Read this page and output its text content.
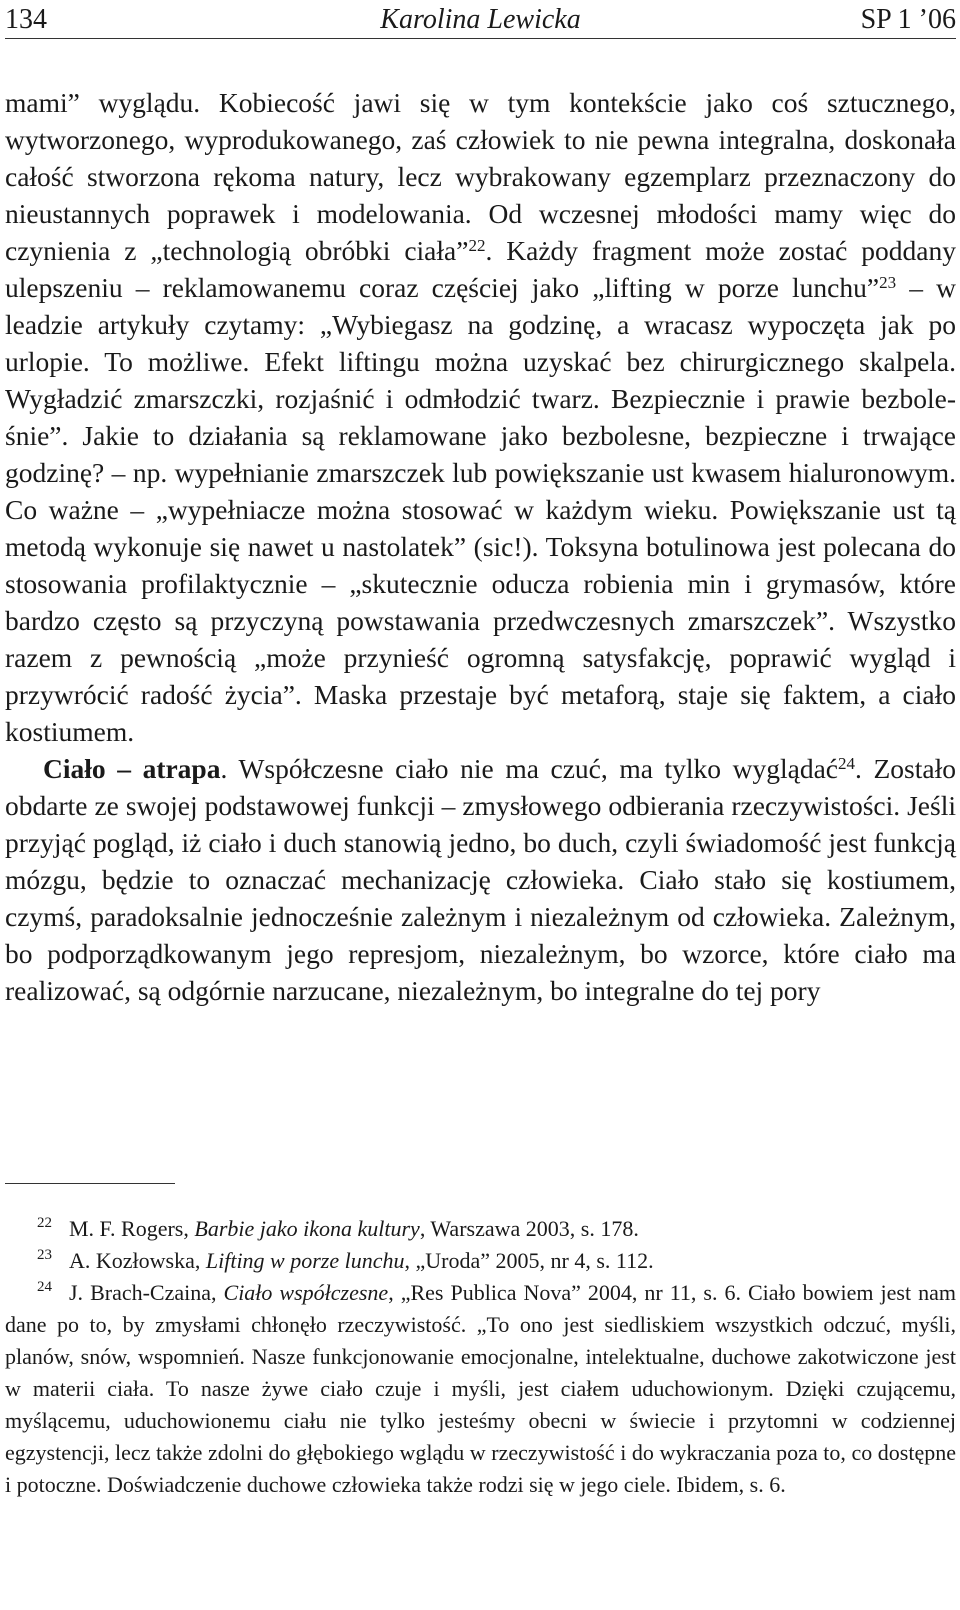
134	Karolina Lewicka	SP 1 ’06

mami” wyglądu. Kobiecość jawi się w tym kontekście jako coś sztucznego, wytworzonego, wyprodukowanego, zaś człowiek to nie pewna integralna, doskonała całość stworzona rękoma natury, lecz wybrakowany egzemplarz przeznaczony do nieustannych poprawek i modelowania. Od wczesnej młodości mamy więc do czynienia z „technologią obróbki ciała”$^{22}$. Każdy fragment może zostać poddany ulepszeniu – reklamowanemu coraz częściej jako „lifting w porze lunchu”$^{23}$ – w leadzie artykuły czytamy: „Wybiegasz na godzinę, a wracasz wypoczęta jak po urlopie. To możliwe. Efekt liftingu można uzyskać bez chirurgicznego skalpela. Wygładzić zmarszczki, rozjaśnić i odmłodzić twarz. Bezpiecznie i prawie bezboleśnie”. Jakie to działania są reklamowane jako bezbolesne, bezpieczne i trwające godzinę? – np. wypełnianie zmarszczek lub powiększanie ust kwasem hialuronowym. Co ważne – „wypełniacze można stosować w każdym wieku. Powiększanie ust tą metodą wykonuje się nawet u nastolatek” (sic!). Toksyna botulinowa jest polecana do stosowania profilaktycznie – „skutecznie oducza robienia min i grymasów, które bardzo często są przyczyną powstawania przedwczesnych zmarszczek”. Wszystko razem z pewnością „może przynieść ogromną satysfakcję, poprawić wygląd i przywrócić radość życia”. Maska przestaje być metaforą, staje się faktem, a ciało kostiumem.

Ciało – atrapa. Współczesne ciało nie ma czuć, ma tylko wyglądać$^{24}$. Zostało obdarte ze swojej podstawowej funkcji – zmysłowego odbierania rzeczywistości. Jeśli przyjąć pogląd, iż ciało i duch stanowią jedno, bo duch, czyli świadomość jest funkcją mózgu, będzie to oznaczać mechanizację człowieka. Ciało stało się kostiumem, czymś, paradoksalnie jednocześnie zależnym i niezależnym od człowieka. Zależnym, bo podporządkowanym jego represjom, niezależnym, bo wzorce, które ciało ma realizować, są odgórnie narzucane, niezależnym, bo integralne do tej pory

22 M. F. Rogers, Barbie jako ikona kultury, Warszawa 2003, s. 178.

23 A. Kozłowska, Lifting w porze lunchu, „Uroda” 2005, nr 4, s. 112.

24 J. Brach-Czaina, Ciało współczesne, „Res Publica Nova” 2004, nr 11, s. 6. Ciało bowiem jest nam dane po to, by zmysłami chłonęło rzeczywistość. „To ono jest siedliskiem wszystkich odczuć, myśli, planów, snów, wspomnień. Nasze funkcjonowanie emocjonalne, intelektualne, duchowe zakotwiczone jest w materii ciała. To nasze żywe ciało czuje i myśli, jest ciałem uduchowionym. Dzięki czującemu, myślącemu, uduchowionemu ciału nie tylko jesteśmy obecni w świecie i przytomni w codziennej egzystencji, lecz także zdolni do głębokiego wglądu w rzeczywistość i do wykraczania poza to, co dostępne i potoczne. Doświadczenie duchowe człowieka także rodzi się w jego ciele. Ibidem, s. 6.
